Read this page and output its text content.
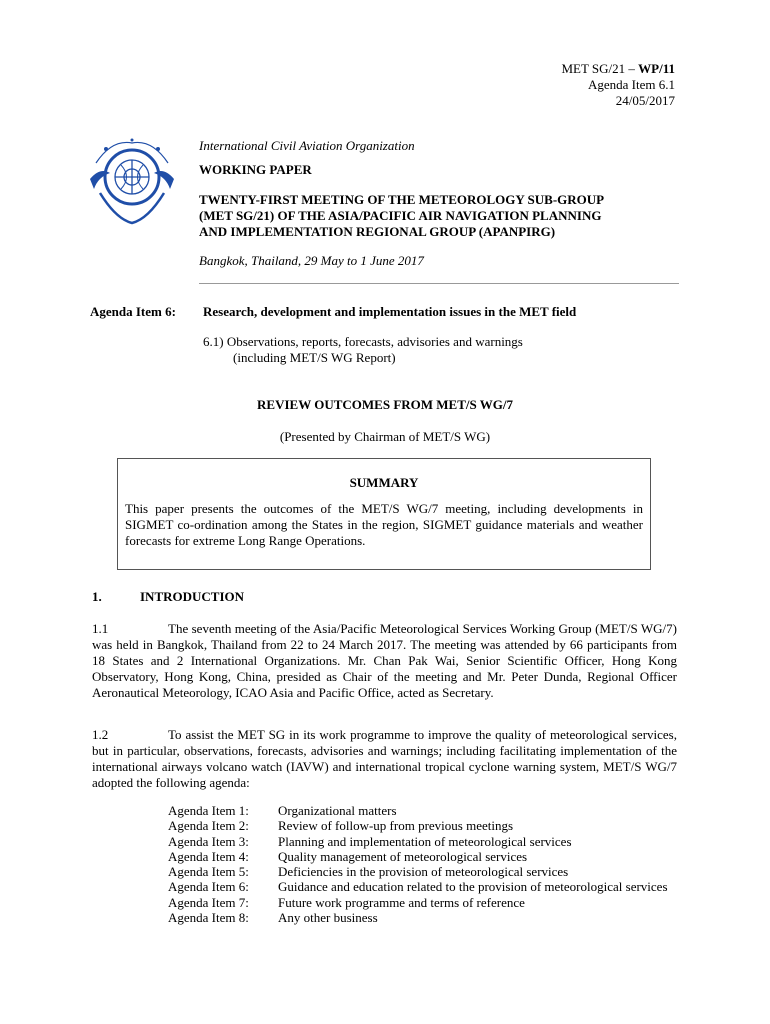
MET SG/21 – WP/11
Agenda Item 6.1
24/05/2017
International Civil Aviation Organization
WORKING PAPER
TWENTY-FIRST MEETING OF THE METEOROLOGY SUB-GROUP
(MET SG/21) OF THE ASIA/PACIFIC AIR NAVIGATION PLANNING
AND IMPLEMENTATION REGIONAL GROUP (APANPIRG)
Bangkok, Thailand, 29 May to 1 June 2017
Agenda Item 6: Research, development and implementation issues in the MET field
6.1) Observations, reports, forecasts, advisories and warnings
(including MET/S WG Report)
REVIEW OUTCOMES FROM MET/S WG/7
(Presented by Chairman of MET/S WG)
SUMMARY
This paper presents the outcomes of the MET/S WG/7 meeting, including developments in SIGMET co-ordination among the States in the region, SIGMET guidance materials and weather forecasts for extreme Long Range Operations.
1.	INTRODUCTION
1.1	The seventh meeting of the Asia/Pacific Meteorological Services Working Group (MET/S WG/7) was held in Bangkok, Thailand from 22 to 24 March 2017. The meeting was attended by 66 participants from 18 States and 2 International Organizations. Mr. Chan Pak Wai, Senior Scientific Officer, Hong Kong Observatory, Hong Kong, China, presided as Chair of the meeting and Mr. Peter Dunda, Regional Officer Aeronautical Meteorology, ICAO Asia and Pacific Office, acted as Secretary.
1.2	To assist the MET SG in its work programme to improve the quality of meteorological services, but in particular, observations, forecasts, advisories and warnings; including facilitating implementation of the international airways volcano watch (IAVW) and international tropical cyclone warning system, MET/S WG/7 adopted the following agenda:
Agenda Item 1:	Organizational matters
Agenda Item 2:	Review of follow-up from previous meetings
Agenda Item 3:	Planning and implementation of meteorological services
Agenda Item 4:	Quality management of meteorological services
Agenda Item 5:	Deficiencies in the provision of meteorological services
Agenda Item 6:	Guidance and education related to the provision of meteorological services
Agenda Item 7:	Future work programme and terms of reference
Agenda Item 8:	Any other business
